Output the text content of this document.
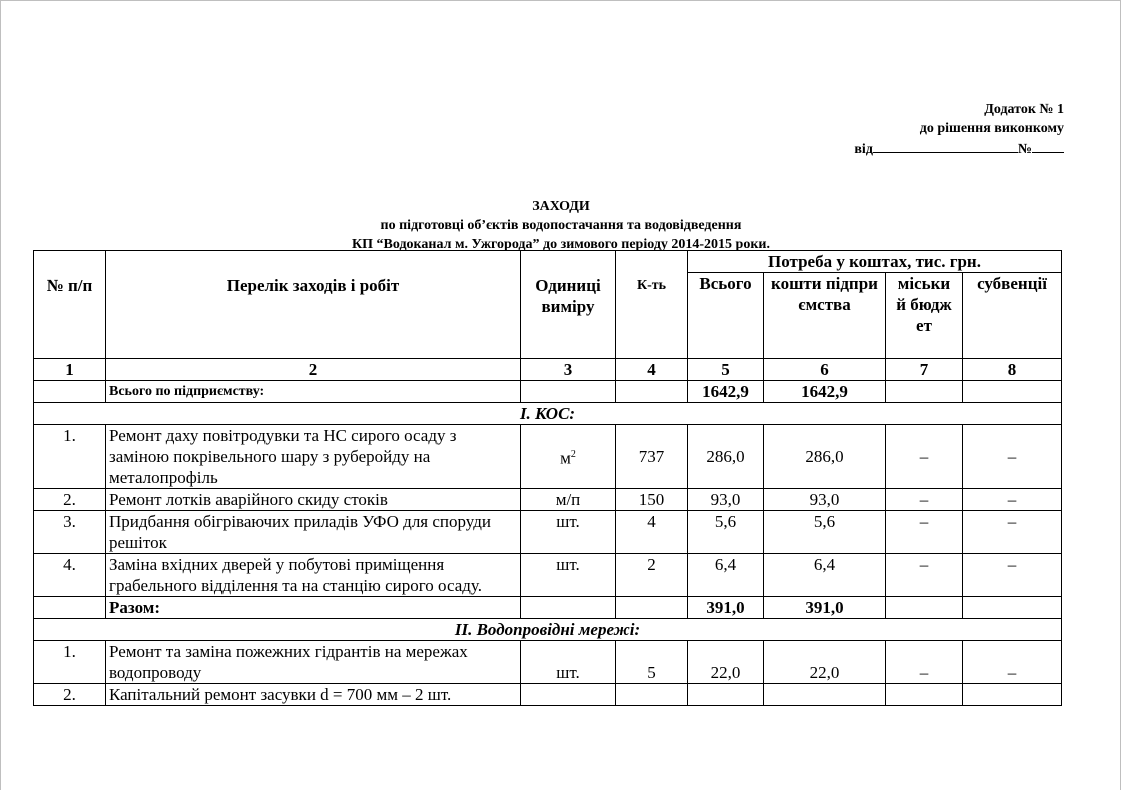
Додаток № 1
до рішення виконкому
від	№
ЗАХОДИ
по підготовці об’єктів водопостачання та водовідведення
КП “Водоканал м. Ужгорода” до зимового періоду 2014-2015 роки.
№ п/п	Перелік заходів і робіт	Одиниці виміру	К-ть	Потреба у коштах, тис. грн.			
				Всього	кошти підприємства	міський бюджет	субвенції
1	2	3	4	5	6	7	8
	Всього по підприємству:			1642,9	1642,9		
І. КОС:							
1.	Ремонт даху повітродувки та НС сирого осаду з заміною покрівельного шару з руберойду на металопрофіль	$м^2$	737	286,0	286,0	–	–
2.	Ремонт лотків аварійного скиду стоків	м/п	150	93,0	93,0	–	–
3.	Придбання обігріваючих приладів УФО для споруди решіток	шт.	4	5,6	5,6	–	–
4.	Заміна вхідних дверей у побутові приміщення грабельного відділення та на станцію сирого осаду.	шт.	2	6,4	6,4	–	–
	Разом:			391,0	391,0		
ІІ. Водопровідні мережі:							
1.	Ремонт та заміна пожежних гідрантів на мережах водопроводу	шт.	5	22,0	22,0	–	–
2.	Капітальний ремонт засувки d = 700 мм – 2 шт.						
